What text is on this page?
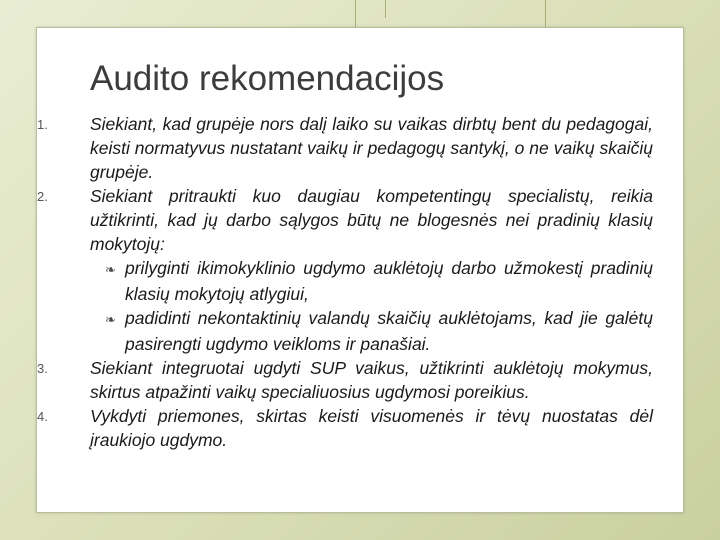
Audito rekomendacijos
1.	Siekiant, kad grupėje nors dalį laiko su vaikas dirbtų bent du pedagogai, keisti normatyvus nustatant vaikų ir pedagogų santykį, o ne vaikų skaičių grupėje.
2.	Siekiant pritraukti kuo daugiau kompetentingų specialistų, reikia užtikrinti, kad jų darbo sąlygos būtų ne blogesnės nei pradinių klasių mokytojų:
❧ prilyginti ikimokyklinio ugdymo auklėtojų darbo užmokestį pradinių klasių mokytojų atlygiui,
❧ padidinti nekontaktinių valandų skaičių auklėtojams, kad jie galėtų pasirengti ugdymo veikloms ir panašiai.
3.	Siekiant integruotai ugdyti SUP vaikus, užtikrinti auklėtojų mokymus, skirtus atpažinti vaikų specialiuosius ugdymosi poreikius.
4.	Vykdyti priemones, skirtas keisti visuomenės ir tėvų nuostatas dėl įraukiojo ugdymo.
